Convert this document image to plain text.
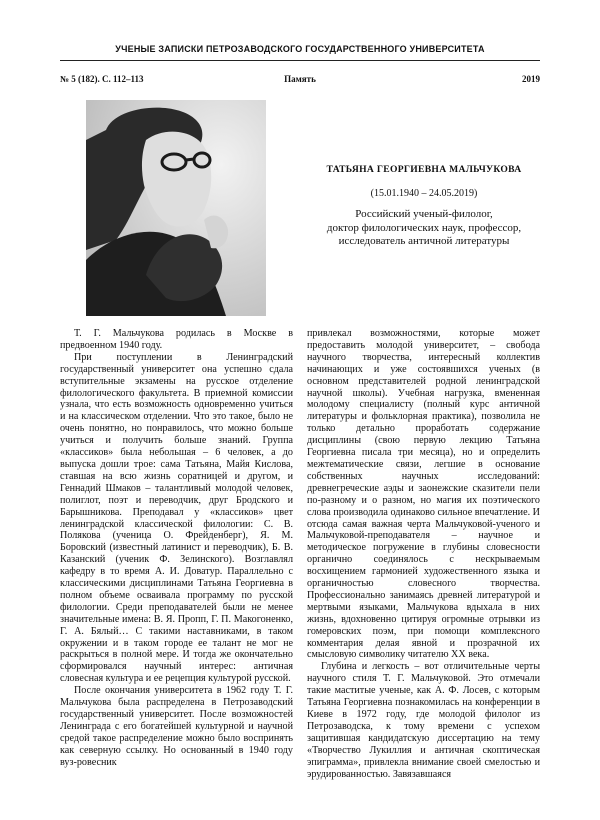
УЧЕНЫЕ ЗАПИСКИ ПЕТРОЗАВОДСКОГО ГОСУДАРСТВЕННОГО УНИВЕРСИТЕТА
№ 5 (182). С. 112–113	Память	2019
ТАТЬЯНА ГЕОРГИЕВНА МАЛЬЧУКОВА
(15.01.1940 – 24.05.2019)
Российский ученый-филолог,
доктор филологических наук, профессор,
исследователь античной литературы

Т. Г. Мальчукова родилась в Москве в предвоенном 1940 году.

При поступлении в Ленинградский государственный университет она успешно сдала вступительные экзамены на русское отделение филологического факультета. В приемной комиссии узнала, что есть возможность одновременно учиться и на классическом отделении. Что это такое, было не очень понятно, но понравилось, что можно больше учиться и получить больше знаний. Группа «классиков» была небольшая – 6 человек, а до выпуска дошли трое: сама Татьяна, Майя Кислова, ставшая на всю жизнь соратницей и другом, и Геннадий Шмаков – талантливый молодой человек, полиглот, поэт и переводчик, друг Бродского и Барышникова. Преподавал у «классиков» цвет ленинградской классической филологии: С. В. Полякова (ученица О. Фрейденберг), Я. М. Боровский (известный латинист и переводчик), Б. В. Казанский (ученик Ф. Зелинского). Возглавлял кафедру в то время А. И. Доватур. Параллельно с классическими дисциплинами Татьяна Георгиевна в полном объеме осваивала программу по русской филологии. Среди преподавателей были не менее значительные имена: В. Я. Пропп, Г. П. Макогоненко, Г. А. Бялый… С такими наставниками, в таком окружении и в таком городе ее талант не мог не раскрыться в полной мере. И тогда же окончательно сформировался научный интерес: античная словесная культура и ее рецепция культурой русской.

После окончания университета в 1962 году Т. Г. Мальчукова была распределена в Петрозаводский государственный университет. После возможностей Ленинграда с его богатейшей культурной и научной средой такое распределение можно было воспринять как северную ссылку. Но основанный в 1940 году вуз-ровесник

привлекал возможностями, которые может предоставить молодой университет, – свобода научного творчества, интересный коллектив начинающих и уже состоявшихся ученых (в основном представителей родной ленинградской научной школы). Учебная нагрузка, вмененная молодому специалисту (полный курс античной литературы и фольклорная практика), позволила не только детально проработать содержание дисциплины (свою первую лекцию Татьяна Георгиевна писала три месяца), но и определить межтематические связи, легшие в основание собственных научных исследований: древнегреческие аэды и заонежские сказители пели по-разному и о разном, но магия их поэтического слова производила одинаково сильное впечатление. И отсюда самая важная черта Мальчуковой-ученого и Мальчуковой-преподавателя – научное и методическое погружение в глубины словесности органично соединялось с нескрываемым восхищением гармонией художественного языка и органичностью словесного творчества. Профессионально занимаясь древней литературой и мертвыми языками, Мальчукова вдыхала в них жизнь, вдохновенно цитируя огромные отрывки из гомеровских поэм, при помощи комплексного комментария делая явной и прозрачной их смысловую символику читателю XX века.

Глубина и легкость – вот отличительные черты научного стиля Т. Г. Мальчуковой. Это отмечали такие маститые ученые, как А. Ф. Лосев, с которым Татьяна Георгиевна познакомилась на конференции в Киеве в 1972 году, где молодой филолог из Петрозаводска, к тому времени с успехом защитившая кандидатскую диссертацию на тему «Творчество Лукиллия и античная скоптическая эпиграмма», привлекла внимание своей смелостью и эрудированностью. Завязавшаяся
